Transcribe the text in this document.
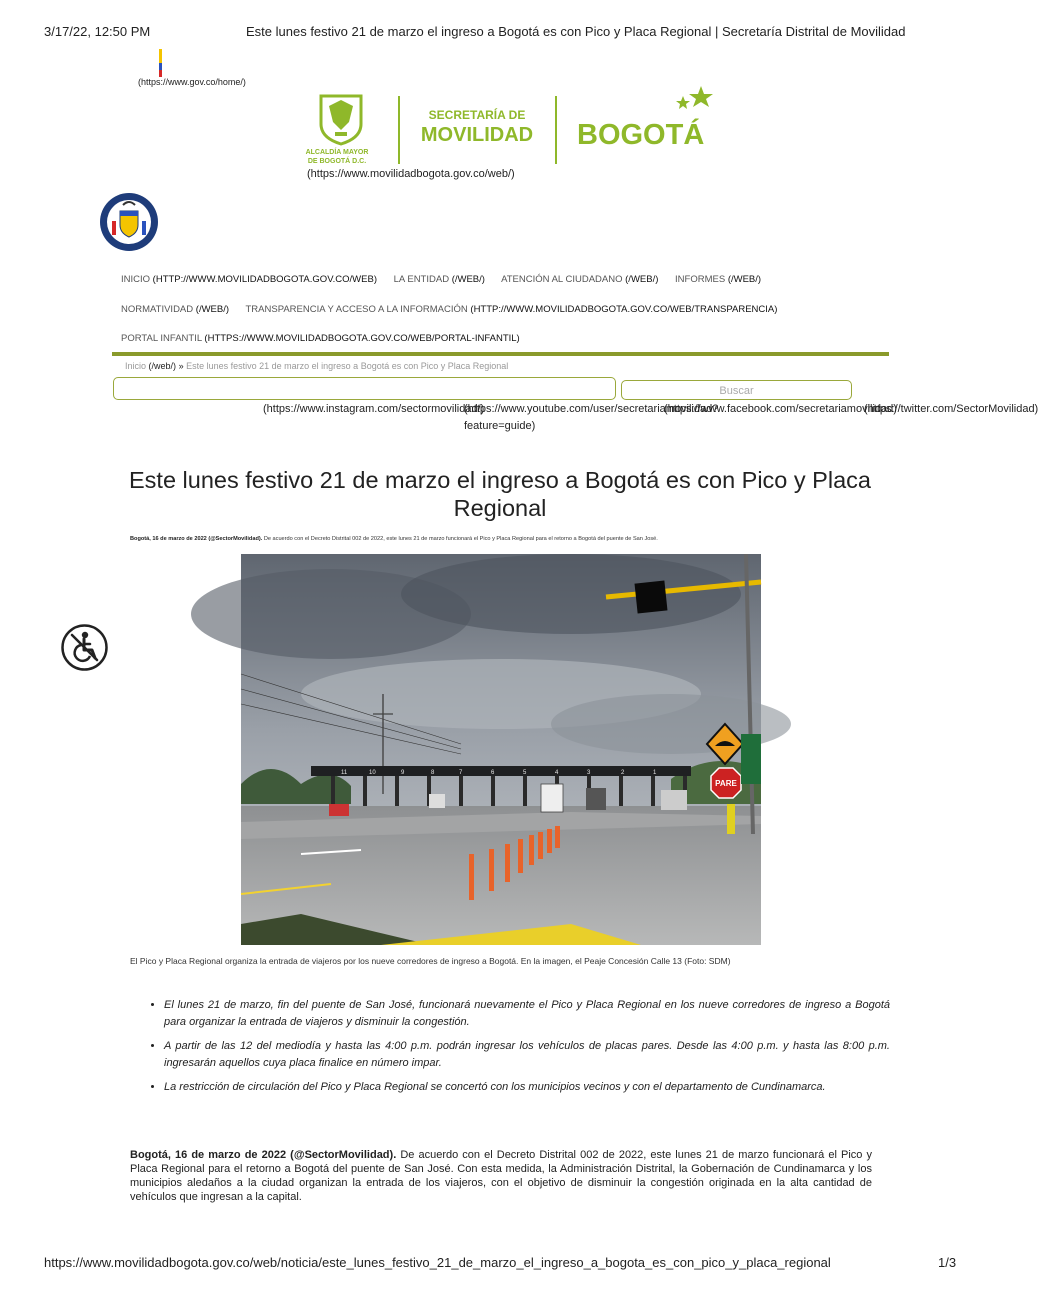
3/17/22, 12:50 PM	Este lunes festivo 21 de marzo el ingreso a Bogotá es con Pico y Placa Regional | Secretaría Distrital de Movilidad
(https://www.gov.co/home/)
ALCALDÍA MAYOR
DE BOGOTÁ D.C.
SECRETARÍA DE
MOVILIDAD BOGOTÁ
(https://www.movilidadbogota.gov.co/web/)
INICIO (HTTP://WWW.MOVILIDADBOGOTA.GOV.CO/WEB) LA ENTIDAD (/WEB/) ATENCIÓN AL CIUDADANO (/WEB/) INFORMES (/WEB/)
NORMATIVIDAD (/WEB/) TRANSPARENCIA Y ACCESO A LA INFORMACIÓN (HTTP://WWW.MOVILIDADBOGOTA.GOV.CO/WEB/TRANSPARENCIA)
PORTAL INFANTIL (HTTPS://WWW.MOVILIDADBOGOTA.GOV.CO/WEB/PORTAL-INFANTIL)
Inicio (/web/) » Este lunes festivo 21 de marzo el ingreso a Bogotá es con Pico y Placa Regional
Buscar
(https://www.instagram.com/sectormovilidad/)
(https://www.youtube.com/user/secretariamovilidad?
feature=guide)
(https://www.facebook.com/secretariamovilidad)
(https://twitter.com/SectorMovilidad)
Este lunes festivo 21 de marzo el ingreso a Bogotá es con Pico y Placa Regional
Bogotá, 16 de marzo de 2022 (@SectorMovilidad). De acuerdo con el Decreto Distrital 002 de 2022, este lunes 21 de marzo funcionará el Pico y Placa Regional para el retorno a Bogotá del puente de San José.
11	10	9	8	7	6	5	4	3	2	1
PARE
El Pico y Placa Regional organiza la entrada de viajeros por los nueve corredores de ingreso a Bogotá. En la imagen, el Peaje Concesión Calle 13 (Foto: SDM)
• El lunes 21 de marzo, fin del puente de San José, funcionará nuevamente el Pico y Placa Regional en los nueve corredores de ingreso a Bogotá para organizar la entrada de viajeros y disminuir la congestión.
• A partir de las 12 del mediodía y hasta las 4:00 p.m. podrán ingresar los vehículos de placas pares. Desde las 4:00 p.m. y hasta las 8:00 p.m. ingresarán aquellos cuya placa finalice en número impar.
• La restricción de circulación del Pico y Placa Regional se concertó con los municipios vecinos y con el departamento de Cundinamarca.

Bogotá, 16 de marzo de 2022 (@SectorMovilidad). De acuerdo con el Decreto Distrital 002 de 2022, este lunes 21 de marzo funcionará el Pico y Placa Regional para el retorno a Bogotá del puente de San José. Con esta medida, la Administración Distrital, la Gobernación de Cundinamarca y los municipios aledaños a la ciudad organizan la entrada de los viajeros, con el objetivo de disminuir la congestión originada en la alta cantidad de vehículos que ingresan a la capital.

https://www.movilidadbogota.gov.co/web/noticia/este_lunes_festivo_21_de_marzo_el_ingreso_a_bogota_es_con_pico_y_placa_regional	1/3
